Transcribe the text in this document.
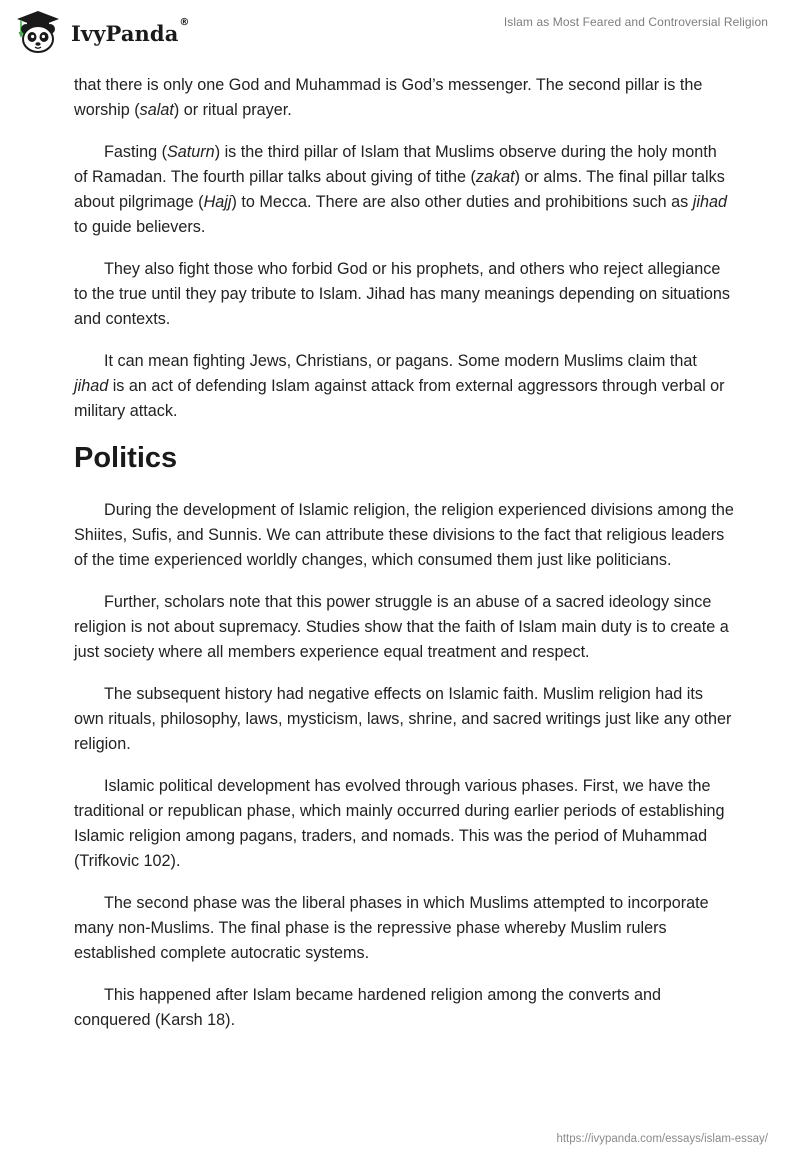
IvyPanda®	Islam as Most Feared and Controversial Religion

that there is only one God and Muhammad is God’s messenger. The second pillar is the worship (salat) or ritual prayer.

Fasting (Saturn) is the third pillar of Islam that Muslims observe during the holy month of Ramadan. The fourth pillar talks about giving of tithe (zakat) or alms. The final pillar talks about pilgrimage (Hajj) to Mecca. There are also other duties and prohibitions such as jihad to guide believers.

They also fight those who forbid God or his prophets, and others who reject allegiance to the true until they pay tribute to Islam. Jihad has many meanings depending on situations and contexts.

It can mean fighting Jews, Christians, or pagans. Some modern Muslims claim that jihad is an act of defending Islam against attack from external aggressors through verbal or military attack.

Politics

During the development of Islamic religion, the religion experienced divisions among the Shiites, Sufis, and Sunnis. We can attribute these divisions to the fact that religious leaders of the time experienced worldly changes, which consumed them just like politicians.

Further, scholars note that this power struggle is an abuse of a sacred ideology since religion is not about supremacy. Studies show that the faith of Islam main duty is to create a just society where all members experience equal treatment and respect.

The subsequent history had negative effects on Islamic faith. Muslim religion had its own rituals, philosophy, laws, mysticism, laws, shrine, and sacred writings just like any other religion.

Islamic political development has evolved through various phases. First, we have the traditional or republican phase, which mainly occurred during earlier periods of establishing Islamic religion among pagans, traders, and nomads. This was the period of Muhammad (Trifkovic 102).

The second phase was the liberal phases in which Muslims attempted to incorporate many non-Muslims. The final phase is the repressive phase whereby Muslim rulers established complete autocratic systems.

This happened after Islam became hardened religion among the converts and conquered (Karsh 18).

https://ivypanda.com/essays/islam-essay/
